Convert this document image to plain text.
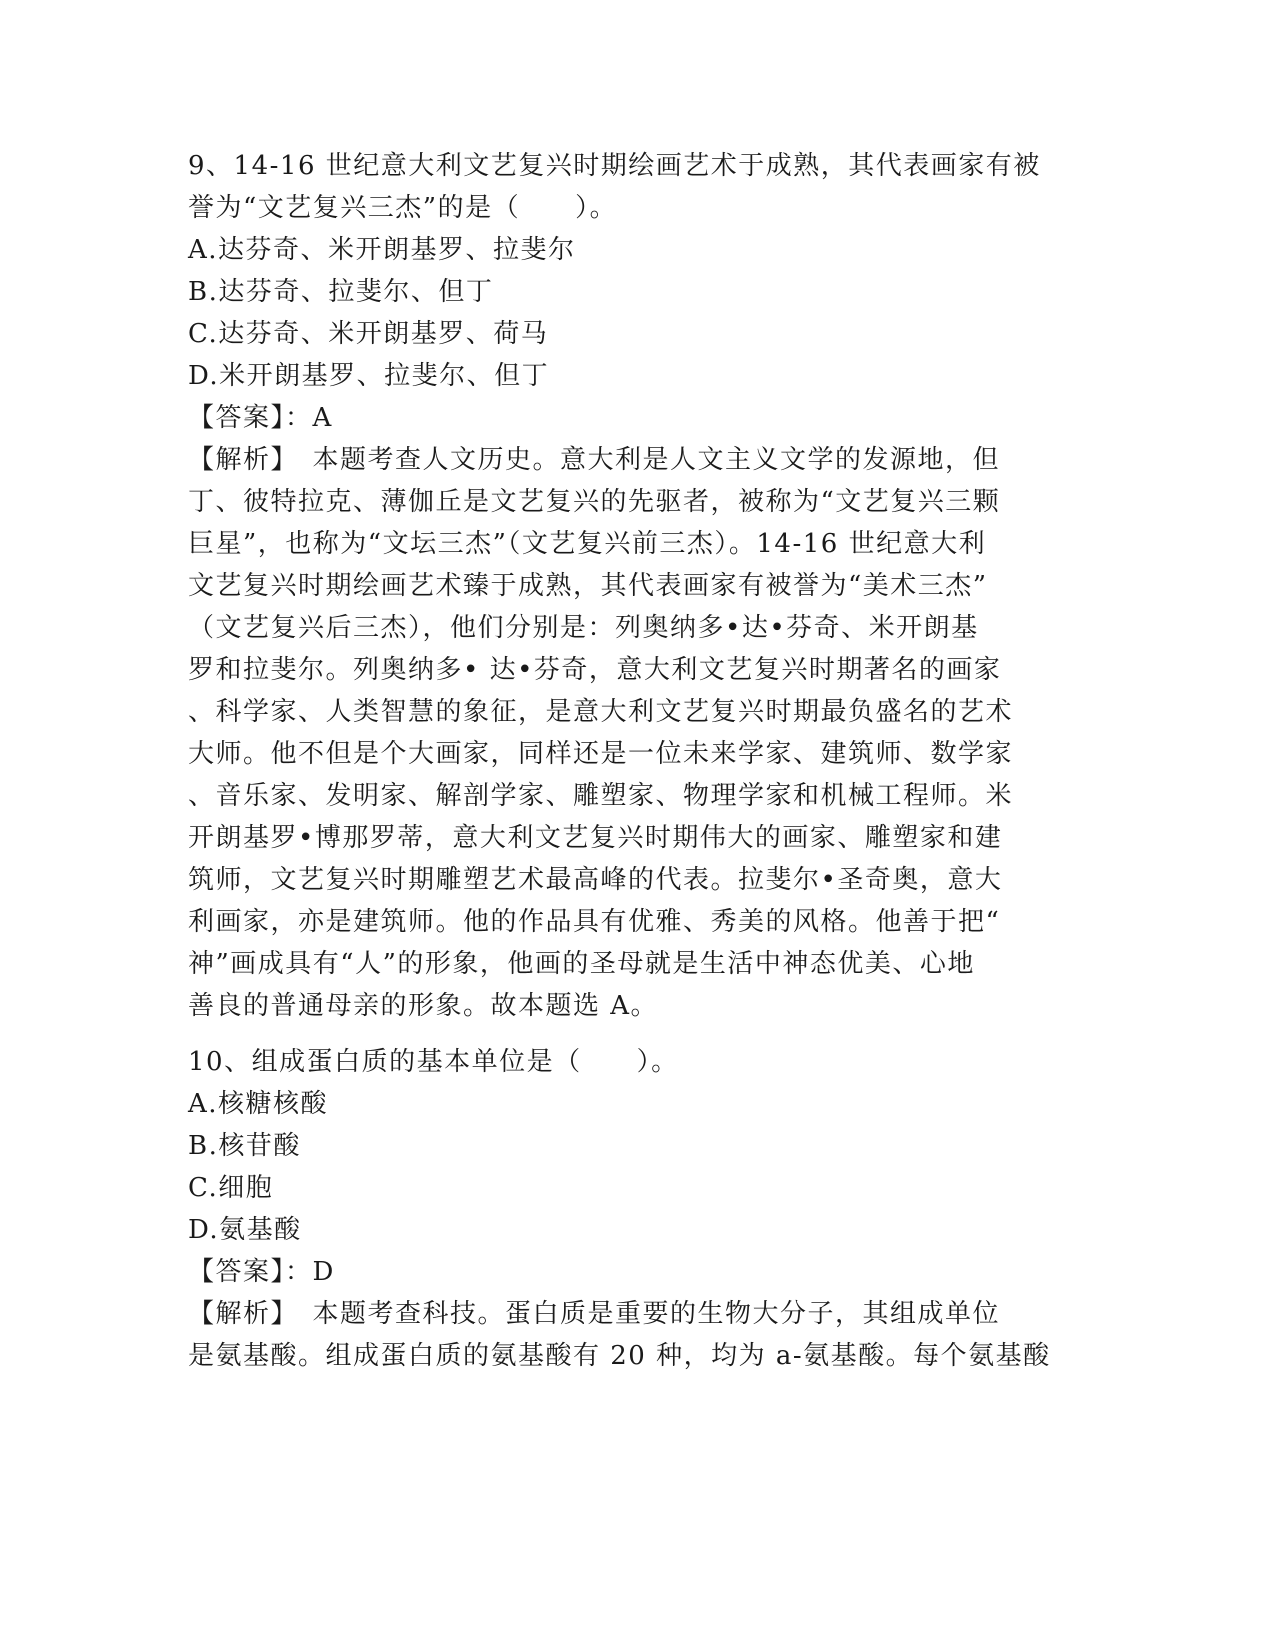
9、14-16 世纪意大利文艺复兴时期绘画艺术于成熟，其代表画家有被
誉为“文艺复兴三杰”的是（　　）。
A.达芬奇、米开朗基罗、拉斐尔
B.达芬奇、拉斐尔、但丁
C.达芬奇、米开朗基罗、荷马
D.米开朗基罗、拉斐尔、但丁
【答案】：A
【解析】　本题考查人文历史。意大利是人文主义文学的发源地，但
丁、彼特拉克、薄伽丘是文艺复兴的先驱者，被称为“文艺复兴三颗
巨星”，也称为“文坛三杰”（文艺复兴前三杰）。14-16 世纪意大利
文艺复兴时期绘画艺术臻于成熟，其代表画家有被誉为“美术三杰”
（文艺复兴后三杰），他们分别是：列奥纳多•达•芬奇、米开朗基
罗和拉斐尔。列奥纳多• 达•芬奇，意大利文艺复兴时期著名的画家
、科学家、人类智慧的象征，是意大利文艺复兴时期最负盛名的艺术
大师。他不但是个大画家，同样还是一位未来学家、建筑师、数学家
、音乐家、发明家、解剖学家、雕塑家、物理学家和机械工程师。米
开朗基罗•博那罗蒂，意大利文艺复兴时期伟大的画家、雕塑家和建
筑师，文艺复兴时期雕塑艺术最高峰的代表。拉斐尔•圣奇奥，意大
利画家，亦是建筑师。他的作品具有优雅、秀美的风格。他善于把“
神”画成具有“人”的形象，他画的圣母就是生活中神态优美、心地
善良的普通母亲的形象。故本题选 A。
10、组成蛋白质的基本单位是（　　）。
A.核糖核酸
B.核苷酸
C.细胞
D.氨基酸
【答案】：D
【解析】　本题考查科技。蛋白质是重要的生物大分子，其组成单位
是氨基酸。组成蛋白质的氨基酸有 20 种，均为 a-氨基酸。每个氨基酸
